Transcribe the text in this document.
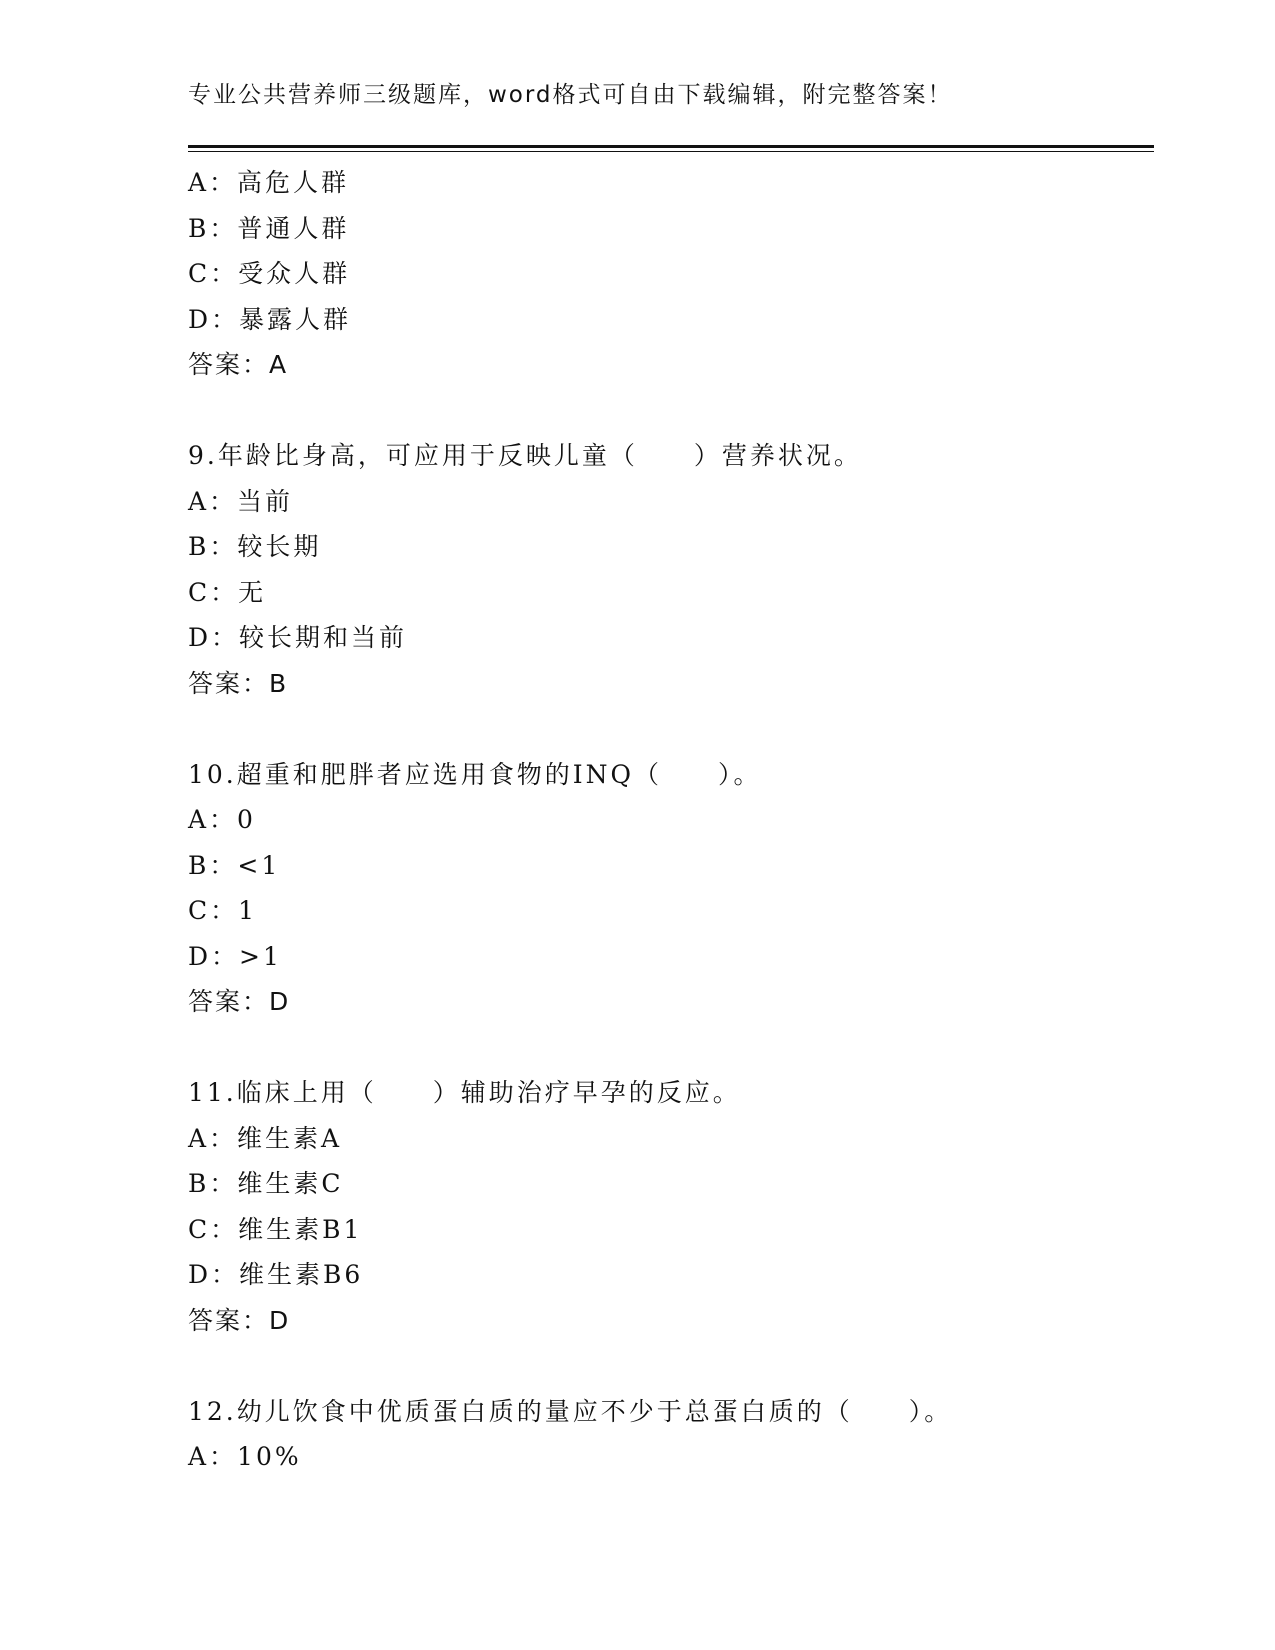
专业公共营养师三级题库，word格式可自由下载编辑，附完整答案！
A：高危人群
B：普通人群
C：受众人群
D：暴露人群
答案：A
9.年龄比身高，可应用于反映儿童（　　）营养状况。
A：当前
B：较长期
C：无
D：较长期和当前
答案：B
10.超重和肥胖者应选用食物的INQ（　　）。
A：0
B：<1
C：1
D：>1
答案：D
11.临床上用（　　）辅助治疗早孕的反应。
A：维生素A
B：维生素C
C：维生素B1
D：维生素B6
答案：D
12.幼儿饮食中优质蛋白质的量应不少于总蛋白质的（　　）。
A：10%
